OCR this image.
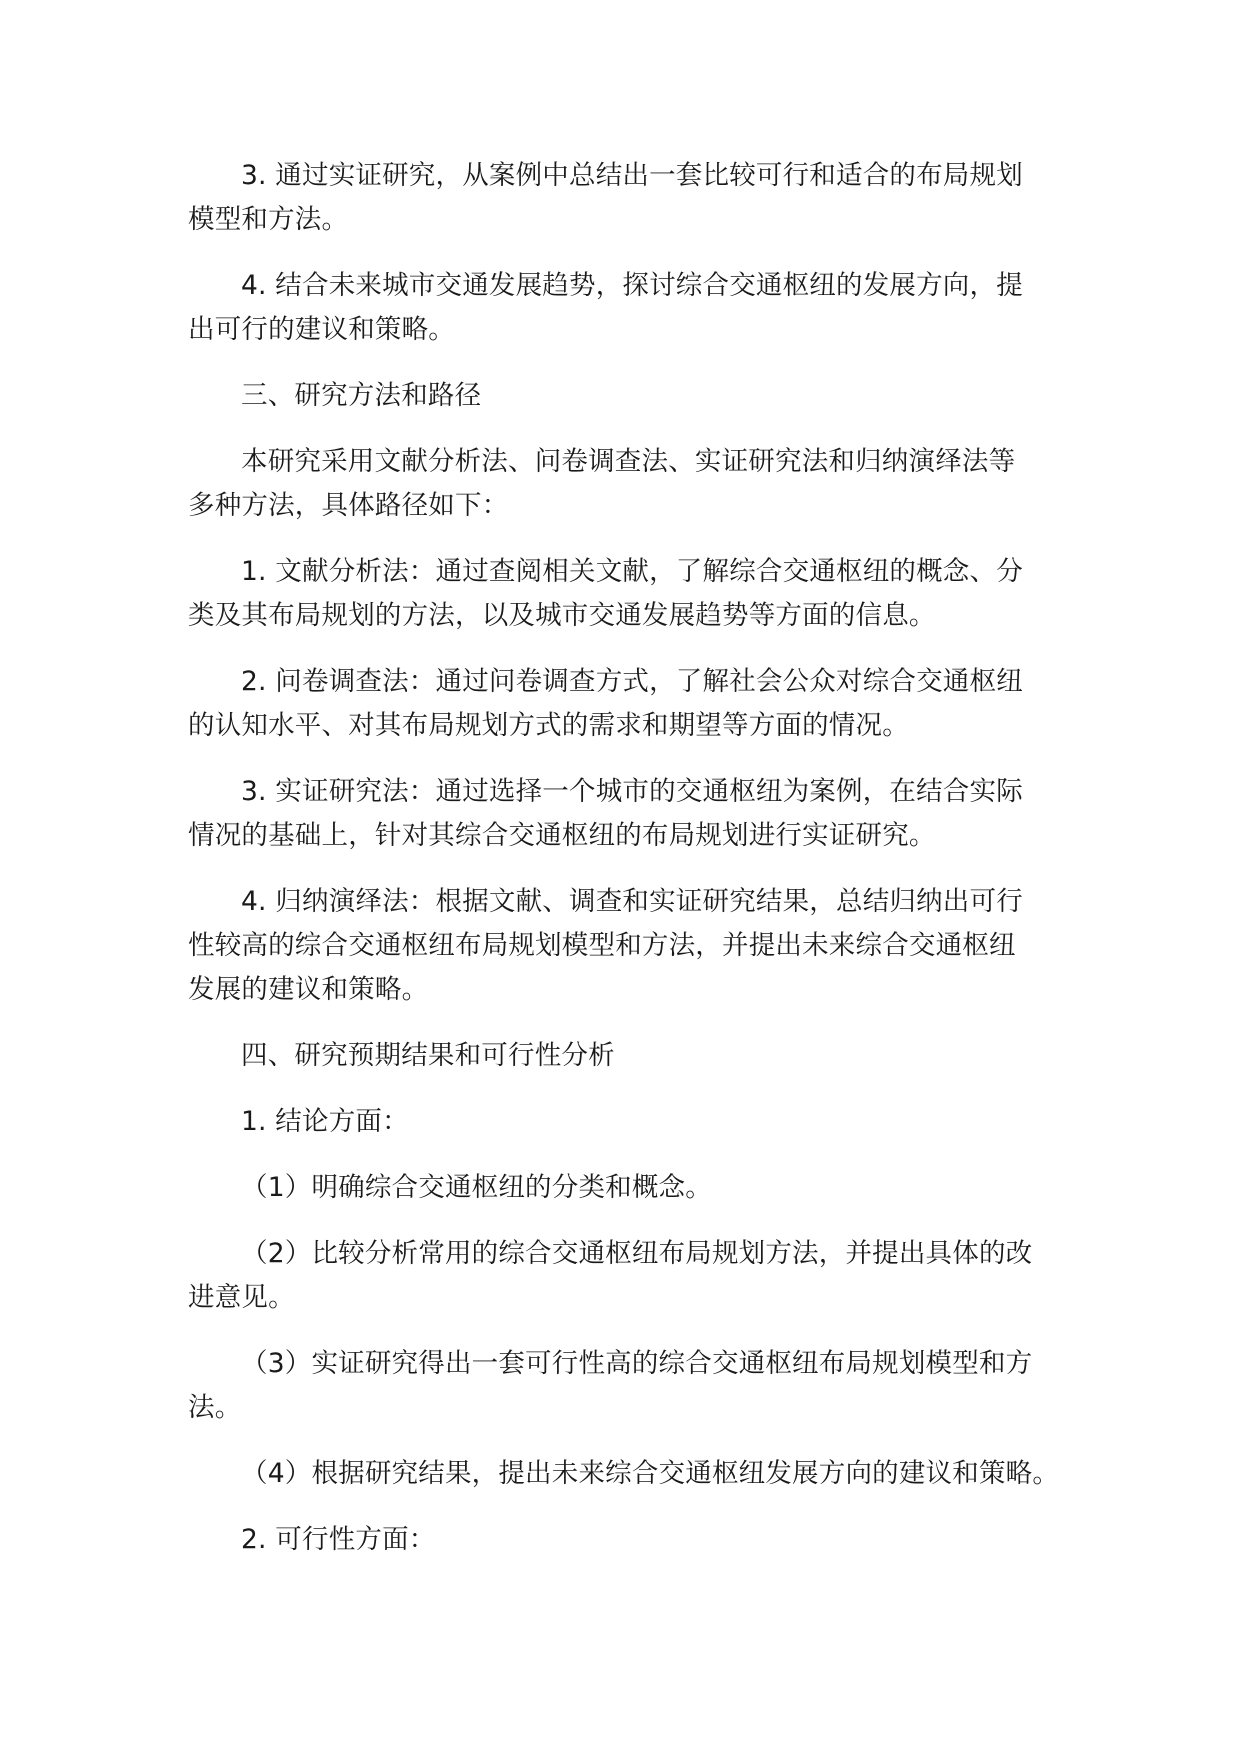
3. 通过实证研究，从案例中总结出一套比较可行和适合的布局规划
模型和方法。

4. 结合未来城市交通发展趋势，探讨综合交通枢纽的发展方向，提
出可行的建议和策略。

三、研究方法和路径

本研究采用文献分析法、问卷调查法、实证研究法和归纳演绎法等
多种方法，具体路径如下：

1. 文献分析法：通过查阅相关文献，了解综合交通枢纽的概念、分
类及其布局规划的方法，以及城市交通发展趋势等方面的信息。

2. 问卷调查法：通过问卷调查方式，了解社会公众对综合交通枢纽
的认知水平、对其布局规划方式的需求和期望等方面的情况。

3. 实证研究法：通过选择一个城市的交通枢纽为案例，在结合实际
情况的基础上，针对其综合交通枢纽的布局规划进行实证研究。

4. 归纳演绎法：根据文献、调查和实证研究结果，总结归纳出可行
性较高的综合交通枢纽布局规划模型和方法，并提出未来综合交通枢纽
发展的建议和策略。

四、研究预期结果和可行性分析

1. 结论方面：

（1）明确综合交通枢纽的分类和概念。

（2）比较分析常用的综合交通枢纽布局规划方法，并提出具体的改
进意见。

（3）实证研究得出一套可行性高的综合交通枢纽布局规划模型和方
法。

（4）根据研究结果，提出未来综合交通枢纽发展方向的建议和策略。

2. 可行性方面：
